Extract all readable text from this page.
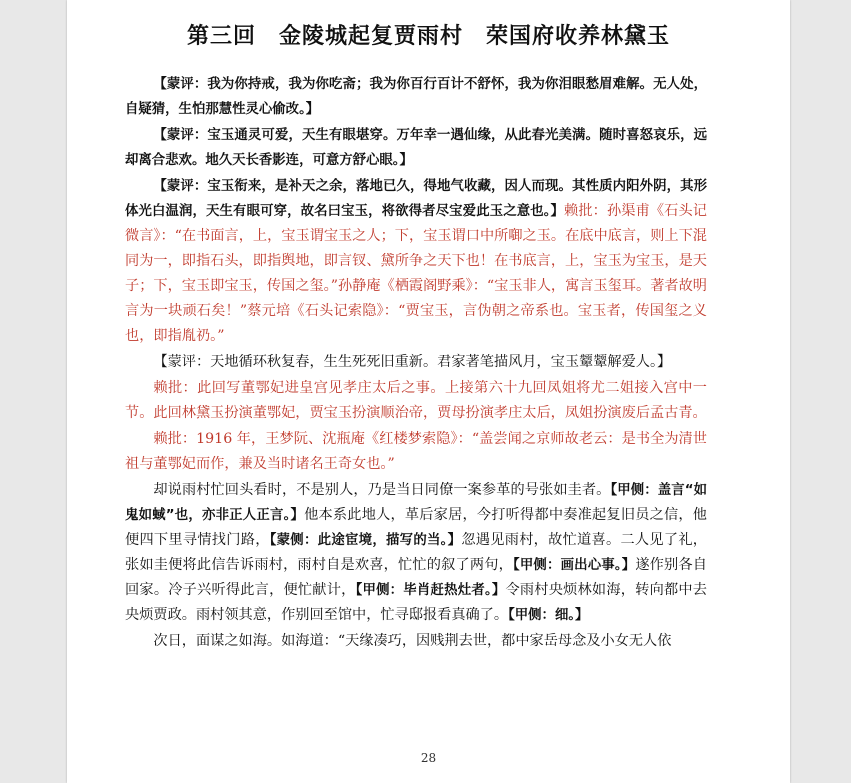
第三回　金陵城起复贾雨村　荣国府收养林黛玉

【蒙评：我为你持戒，我为你吃斋；我为你百行百计不舒怀，我为你泪眼愁眉难解。无人处，自疑猜，生怕那慧性灵心偷改。】

【蒙评：宝玉通灵可爱，天生有眼堪穿。万年幸一遇仙缘，从此春光美满。随时喜怒哀乐，远却离合悲欢。地久天长香影连，可意方舒心眼。】

【蒙评：宝玉衔来，是补天之余，落地已久，得地气收藏，因人而现。其性质内阳外阴，其形体光白温润，天生有眼可穿，故名曰宝玉，将欲得者尽宝爱此玉之意也。】赖批：孙渠甫《石头记微言》：“在书面言，上，宝玉谓宝玉之人；下，宝玉谓口中所啣之玉。在底中底言，则上下混同为一，即指石头，即指舆地，即言钗、黛所争之天下也！在书底言，上，宝玉为宝玉，是天子；下，宝玉即宝玉，传国之玺。”孙静庵《栖霞阁野乘》：“宝玉非人，寓言玉玺耳。著者故明言为一块顽石矣！”蔡元培《石头记索隐》：“贾宝玉，言伪朝之帝系也。宝玉者，传国玺之义也，即指胤礽。”

【蒙评：天地循环秋复春，生生死死旧重新。君家著笔描风月，宝玉颦颦解爱人。】

赖批：此回写董鄂妃进皇宫见孝庄太后之事。上接第六十九回凤姐将尤二姐接入宫中一节。此回林黛玉扮演董鄂妃，贾宝玉扮演顺治帝，贾母扮演孝庄太后，凤姐扮演废后孟古青。

赖批：1916 年，王梦阮、沈瓶庵《红楼梦索隐》：“盖尝闻之京师故老云：是书全为清世祖与董鄂妃而作，兼及当时诸名王奇女也。”

却说雨村忙回头看时，不是别人，乃是当日同僚一案参革的号张如圭者。【甲侧：盖言“如鬼如蜮”也，亦非正人正言。】他本系此地人，革后家居，今打听得都中奏准起复旧员之信，他便四下里寻情找门路，【蒙侧：此途宦境，描写的当。】忽遇见雨村，故忙道喜。二人见了礼，张如圭便将此信告诉雨村，雨村自是欢喜，忙忙的叙了两句，【甲侧：画出心事。】遂作别各自回家。冷子兴听得此言，便忙献计，【甲侧：毕肖赶热灶者。】令雨村央烦林如海，转向都中去央烦贾政。雨村领其意，作别回至馆中，忙寻邸报看真确了。【甲侧：细。】

次日，面谋之如海。如海道：“天缘凑巧，因贱荆去世，都中家岳母念及小女无人依

28
